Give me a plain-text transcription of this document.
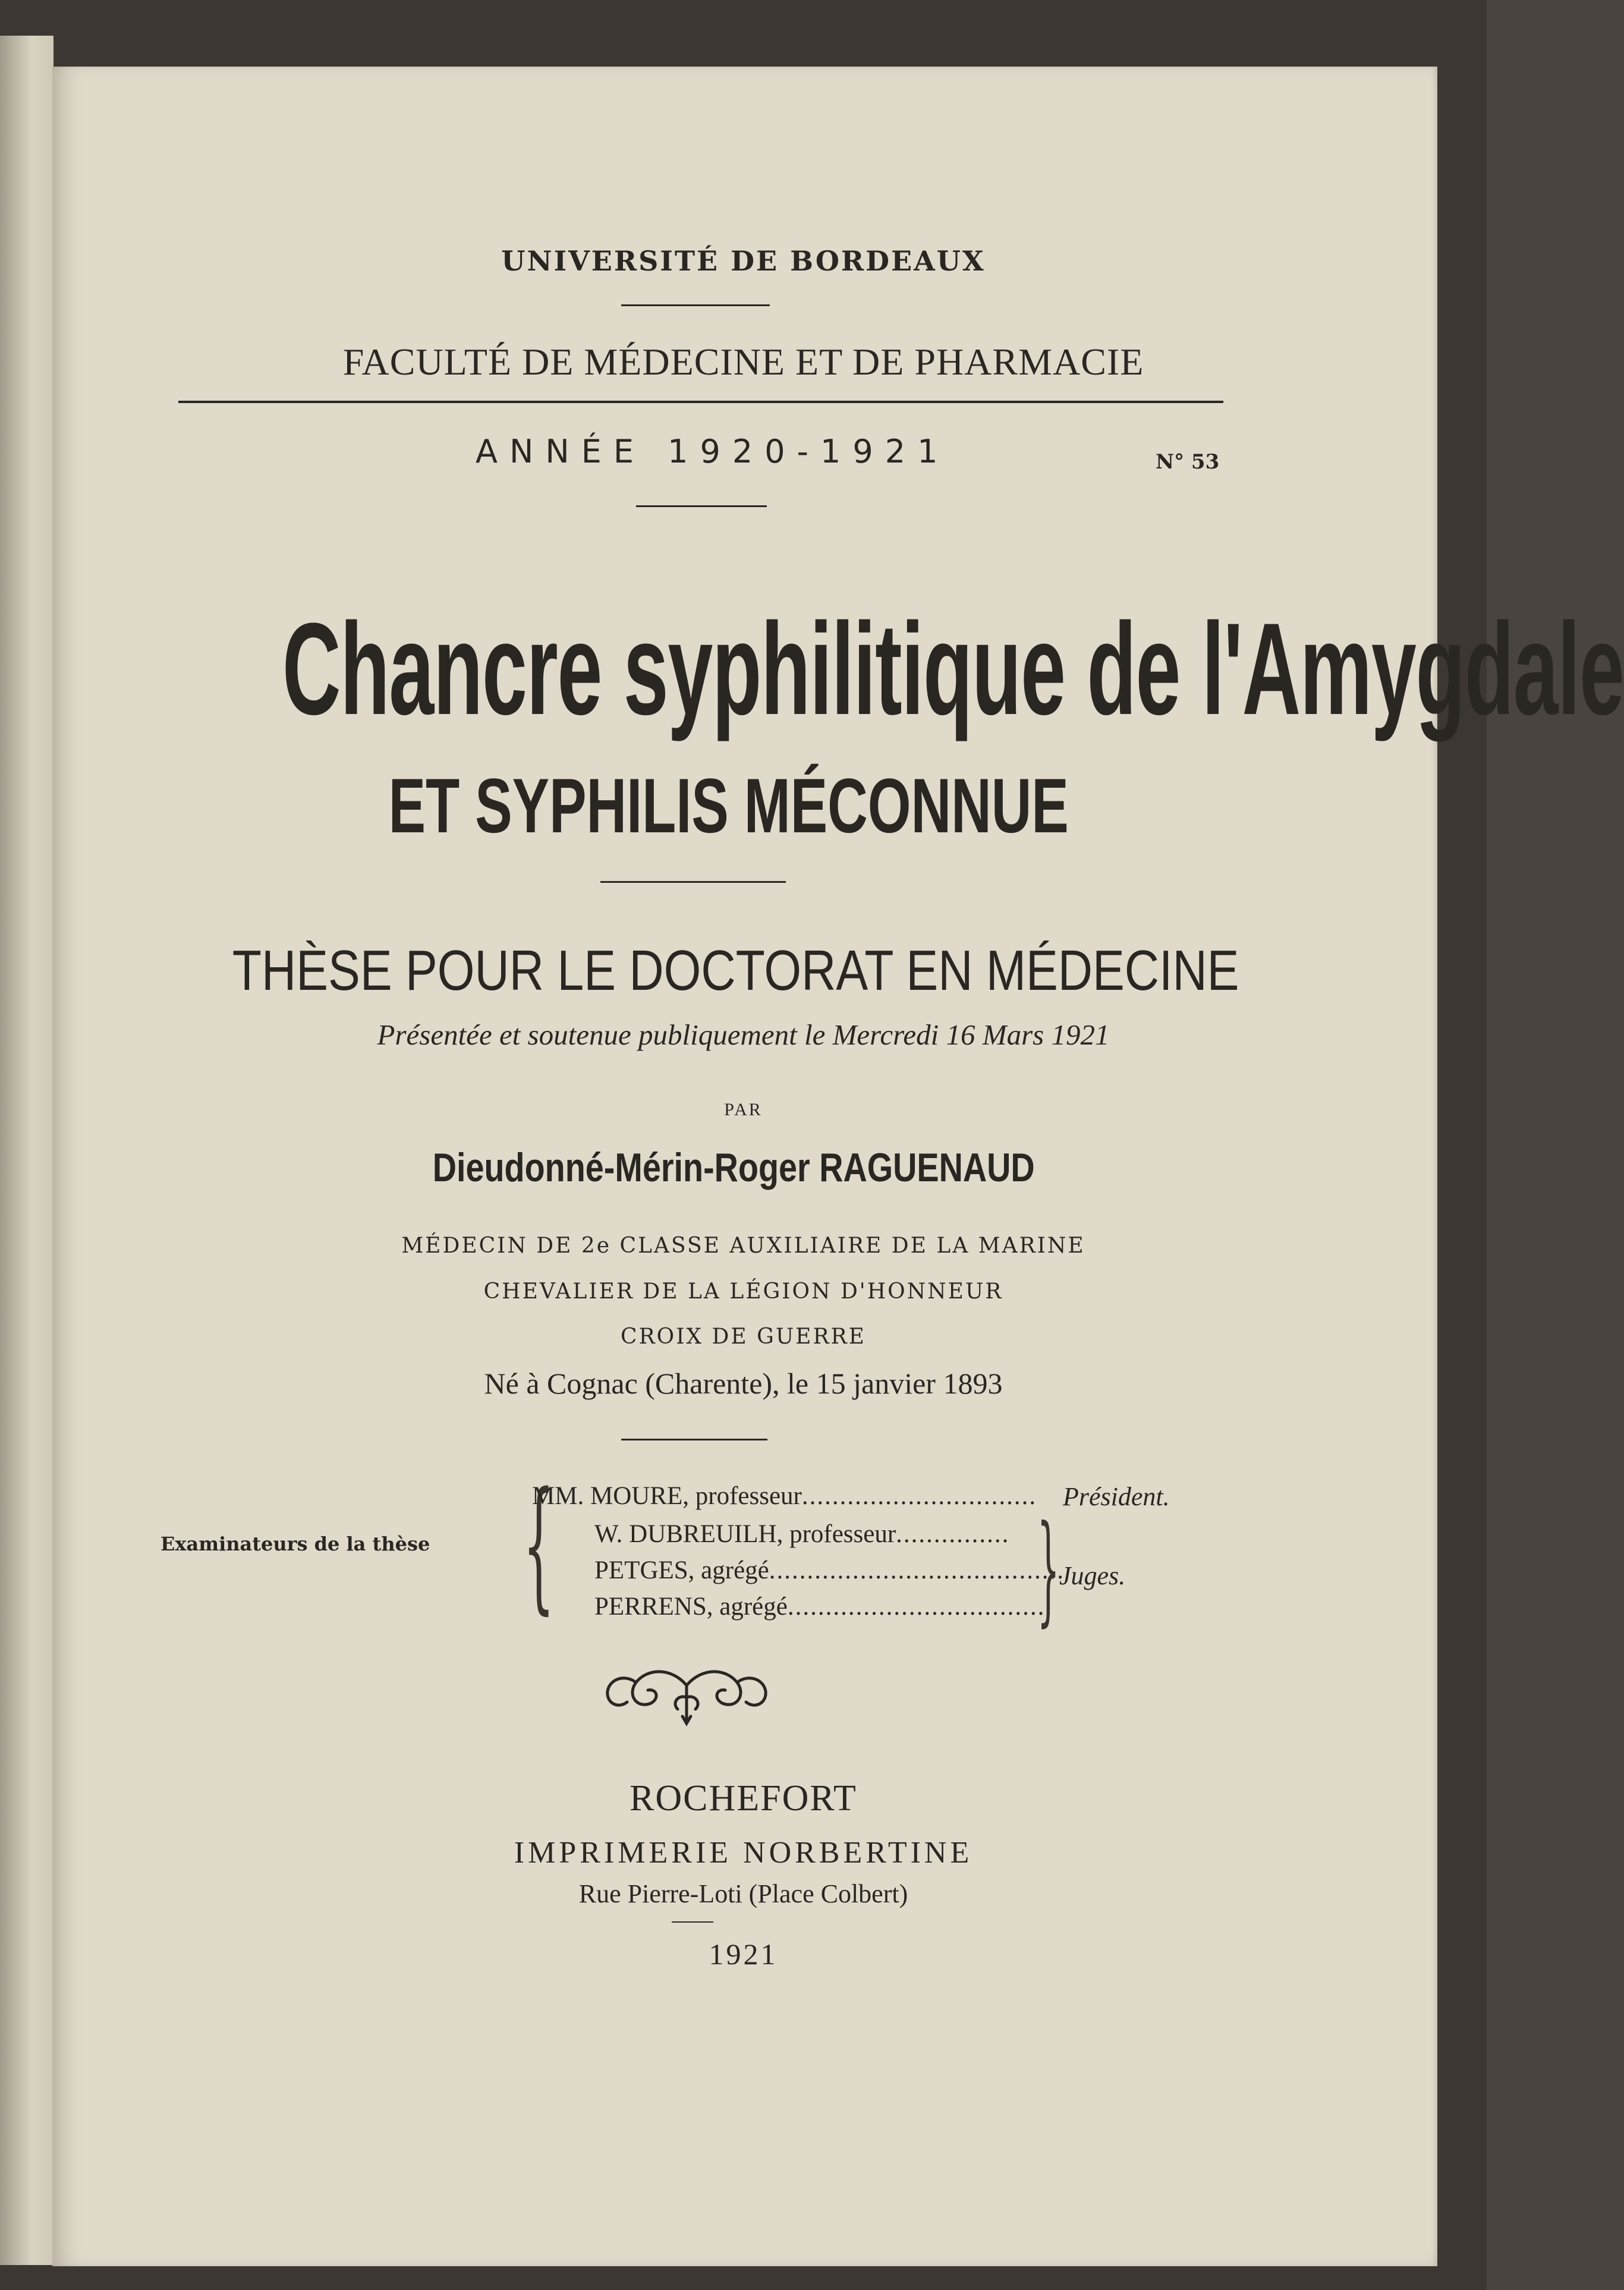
UNIVERSITÉ DE BORDEAUX
FACULTÉ DE MÉDECINE ET DE PHARMACIE
ANNÉE 1920-1921	N° 53
Chancre syphilitique de l'Amygdale
ET SYPHILIS MÉCONNUE
THÈSE POUR LE DOCTORAT EN MÉDECINE
Présentée et soutenue publiquement le Mercredi 16 Mars 1921
PAR
Dieudonné-Mérin-Roger RAGUENAUD
MÉDECIN DE 2e CLASSE AUXILIAIRE DE LA MARINE
CHEVALIER DE LA LÉGION D'HONNEUR
CROIX DE GUERRE
Né à Cognac (Charente), le 15 janvier 1893
Examinateurs de la thèse {
MM. MOURE, professeur............................... Président.
W. DUBREUILH, professeur...............
PETGES, agrégé.......................................
PERRENS, agrégé...................................
} Juges.
ROCHEFORT
IMPRIMERIE NORBERTINE
Rue Pierre-Loti (Place Colbert)
1921
